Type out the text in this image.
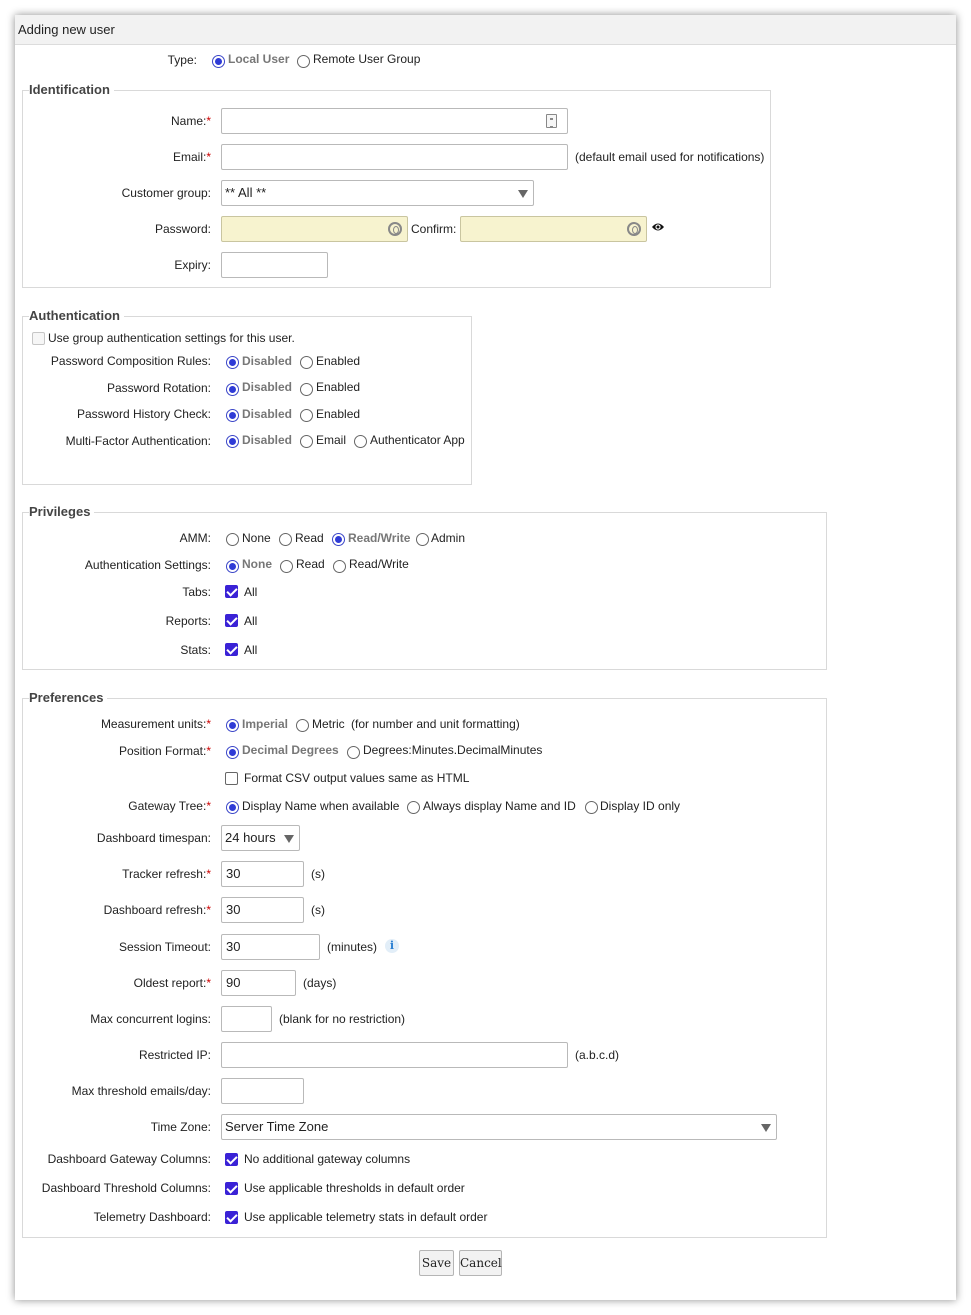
Adding new user
Type:	Local User Remote User Group
Identification
Name:*
Email:*	(default email used for notifications)
Customer group:	** All **
Password:	Confirm:
Expiry:
Authentication
Use group authentication settings for this user.
Password Composition Rules:	Disabled Enabled
Password Rotation:	Disabled Enabled
Password History Check:	Disabled Enabled
Multi-Factor Authentication:	Disabled Email Authenticator App
Privileges
AMM:	None Read Read/Write Admin
Authentication Settings:	None Read Read/Write
Tabs:	All
Reports:	All
Stats:	All
Preferences
Measurement units:*	Imperial Metric (for number and unit formatting)
Position Format:*	Decimal Degrees Degrees:Minutes.DecimalMinutes
Format CSV output values same as HTML
Gateway Tree:*	Display Name when available Always display Name and ID Display ID only
Dashboard timespan:	24 hours
Tracker refresh:*	30	(s)
Dashboard refresh:*	30	(s)
Session Timeout:	30	(minutes)	i
Oldest report:*	90	(days)
Max concurrent logins:	(blank for no restriction)
Restricted IP:	(a.b.c.d)
Max threshold emails/day:
Time Zone:	Server Time Zone
Dashboard Gateway Columns:	No additional gateway columns
Dashboard Threshold Columns:	Use applicable thresholds in default order
Telemetry Dashboard:	Use applicable telemetry stats in default order
Save Cancel
